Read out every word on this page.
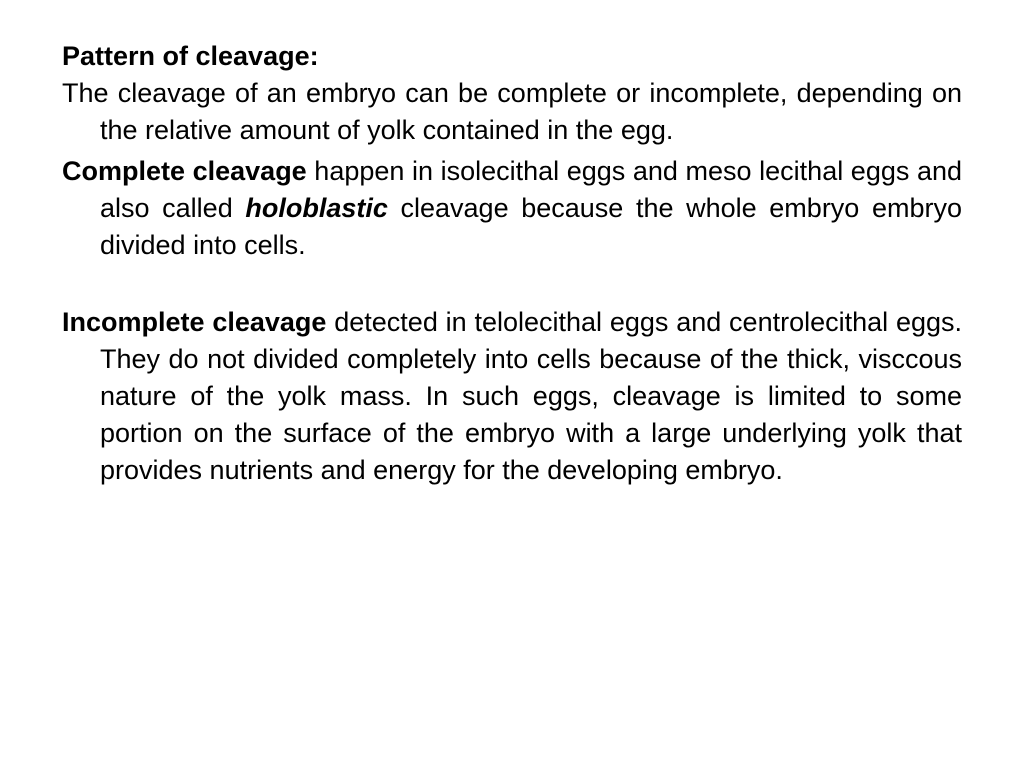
Pattern of cleavage:

The cleavage of an embryo can be complete or incomplete, depending on the relative amount of yolk contained in the egg.

Complete cleavage happen in isolecithal eggs and meso lecithal eggs and also called holoblastic cleavage because the whole embryo embryo divided into cells.

Incomplete cleavage detected in telolecithal eggs and centrolecithal eggs. They do not divided completely into cells because of the thick, visccous nature of the yolk mass. In such eggs, cleavage is limited to some portion on the surface of the embryo with a large underlying yolk that provides nutrients and energy for the developing embryo.
